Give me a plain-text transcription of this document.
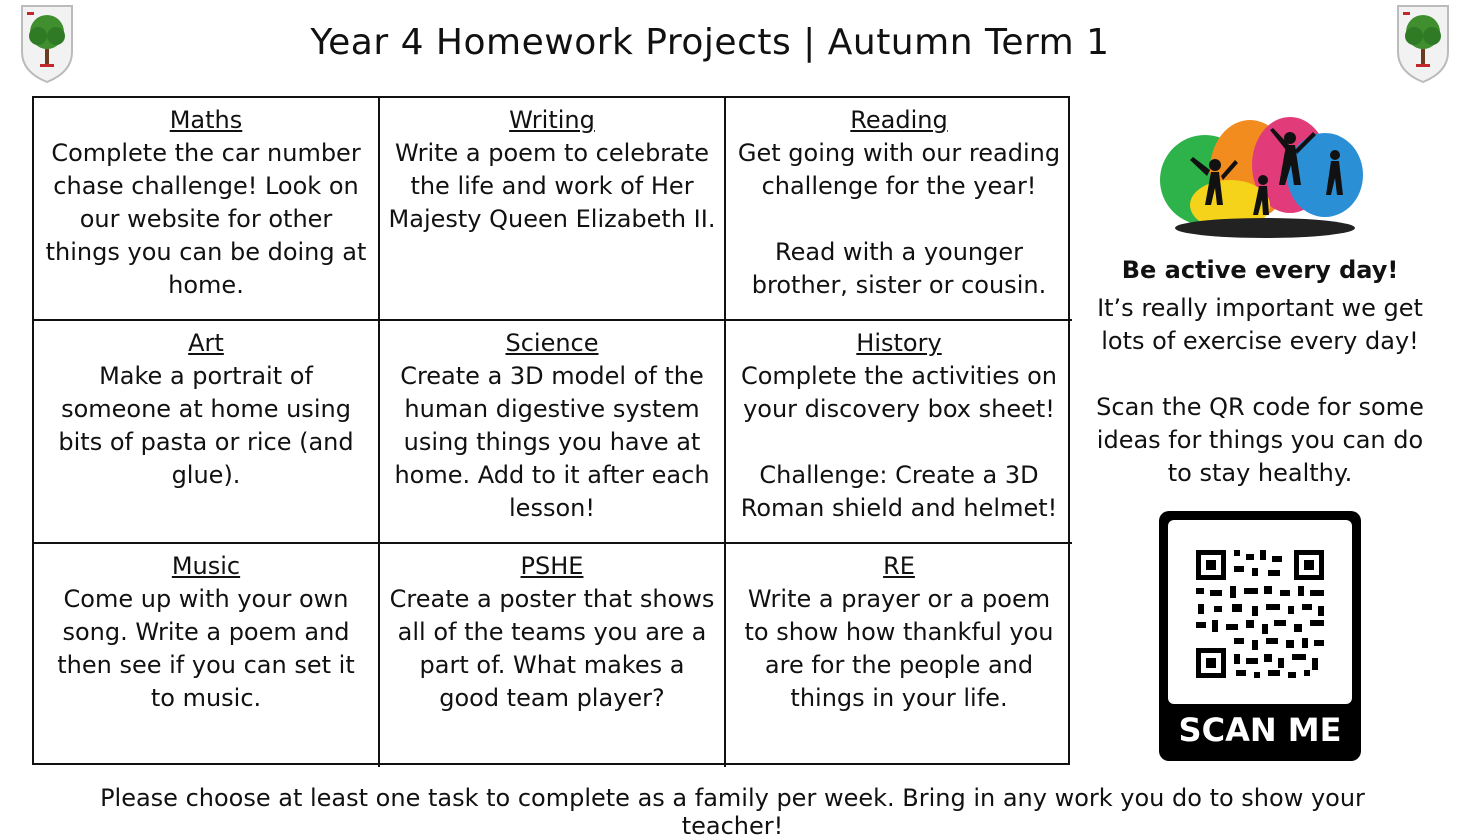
Year 4 Homework Projects | Autumn Term 1
Maths

Complete the car number chase challenge! Look on our website for other things you can be doing at home.

Writing

Write a poem to celebrate the life and work of Her Majesty Queen Elizabeth II.

Reading

Get going with our reading challenge for the year!

Read with a younger brother, sister or cousin.

Art

Make a portrait of someone at home using bits of pasta or rice (and glue).

Science

Create a 3D model of the human digestive system using things you have at home. Add to it after each lesson!

History

Complete the activities on your discovery box sheet!

Challenge: Create a 3D Roman shield and helmet!

Music

Come up with your own song. Write a poem and then see if you can set it to music.

PSHE

Create a poster that shows all of the teams you are a part of. What makes a good team player?

RE

Write a prayer or a poem to show how thankful you are for the people and things in your life.

Be active every day!

It’s really important we get lots of exercise every day!

Scan the QR code for some ideas for things you can do to stay healthy.

SCAN ME
Please choose at least one task to complete as a family per week. Bring in any work you do to show your teacher!
